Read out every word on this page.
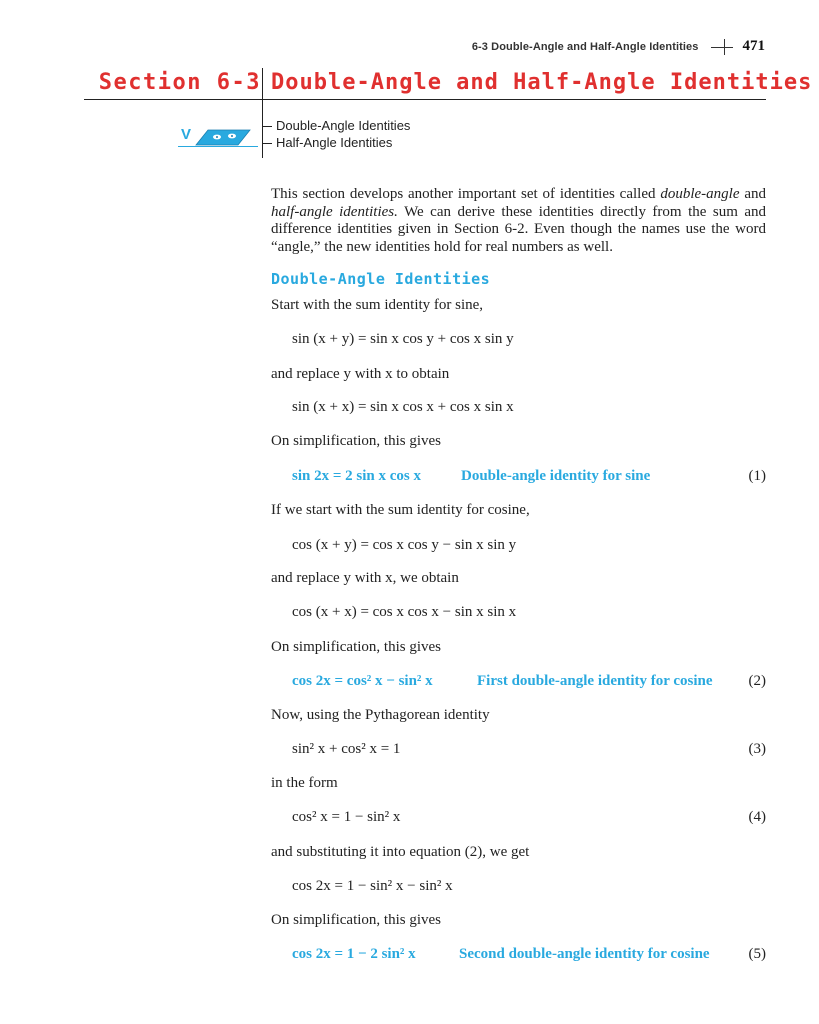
6-3 Double-Angle and Half-Angle Identities	471
Section 6-3 Double-Angle and Half-Angle Identities
Double-Angle Identities
Half-Angle Identities
V

This section develops another important set of identities called double-angle and half-angle identities. We can derive these identities directly from the sum and difference identities given in Section 6-2. Even though the names use the word “angle,” the new identities hold for real numbers as well.

Double-Angle Identities
Start with the sum identity for sine,
sin (x + y) = sin x cos y + cos x sin y
and replace y with x to obtain
sin (x + x) = sin x cos x + cos x sin x
On simplification, this gives
sin 2x = 2 sin x cos x	Double-angle identity for sine	(1)
If we start with the sum identity for cosine,
cos (x + y) = cos x cos y − sin x sin y
and replace y with x, we obtain
cos (x + x) = cos x cos x − sin x sin x
On simplification, this gives
cos 2x = cos² x − sin² x	First double-angle identity for cosine (2)
Now, using the Pythagorean identity
sin² x + cos² x = 1	(3)
in the form
cos² x = 1 − sin² x	(4)
and substituting it into equation (2), we get
cos 2x = 1 − sin² x − sin² x
On simplification, this gives
cos 2x = 1 − 2 sin² x	Second double-angle identity for cosine	(5)
